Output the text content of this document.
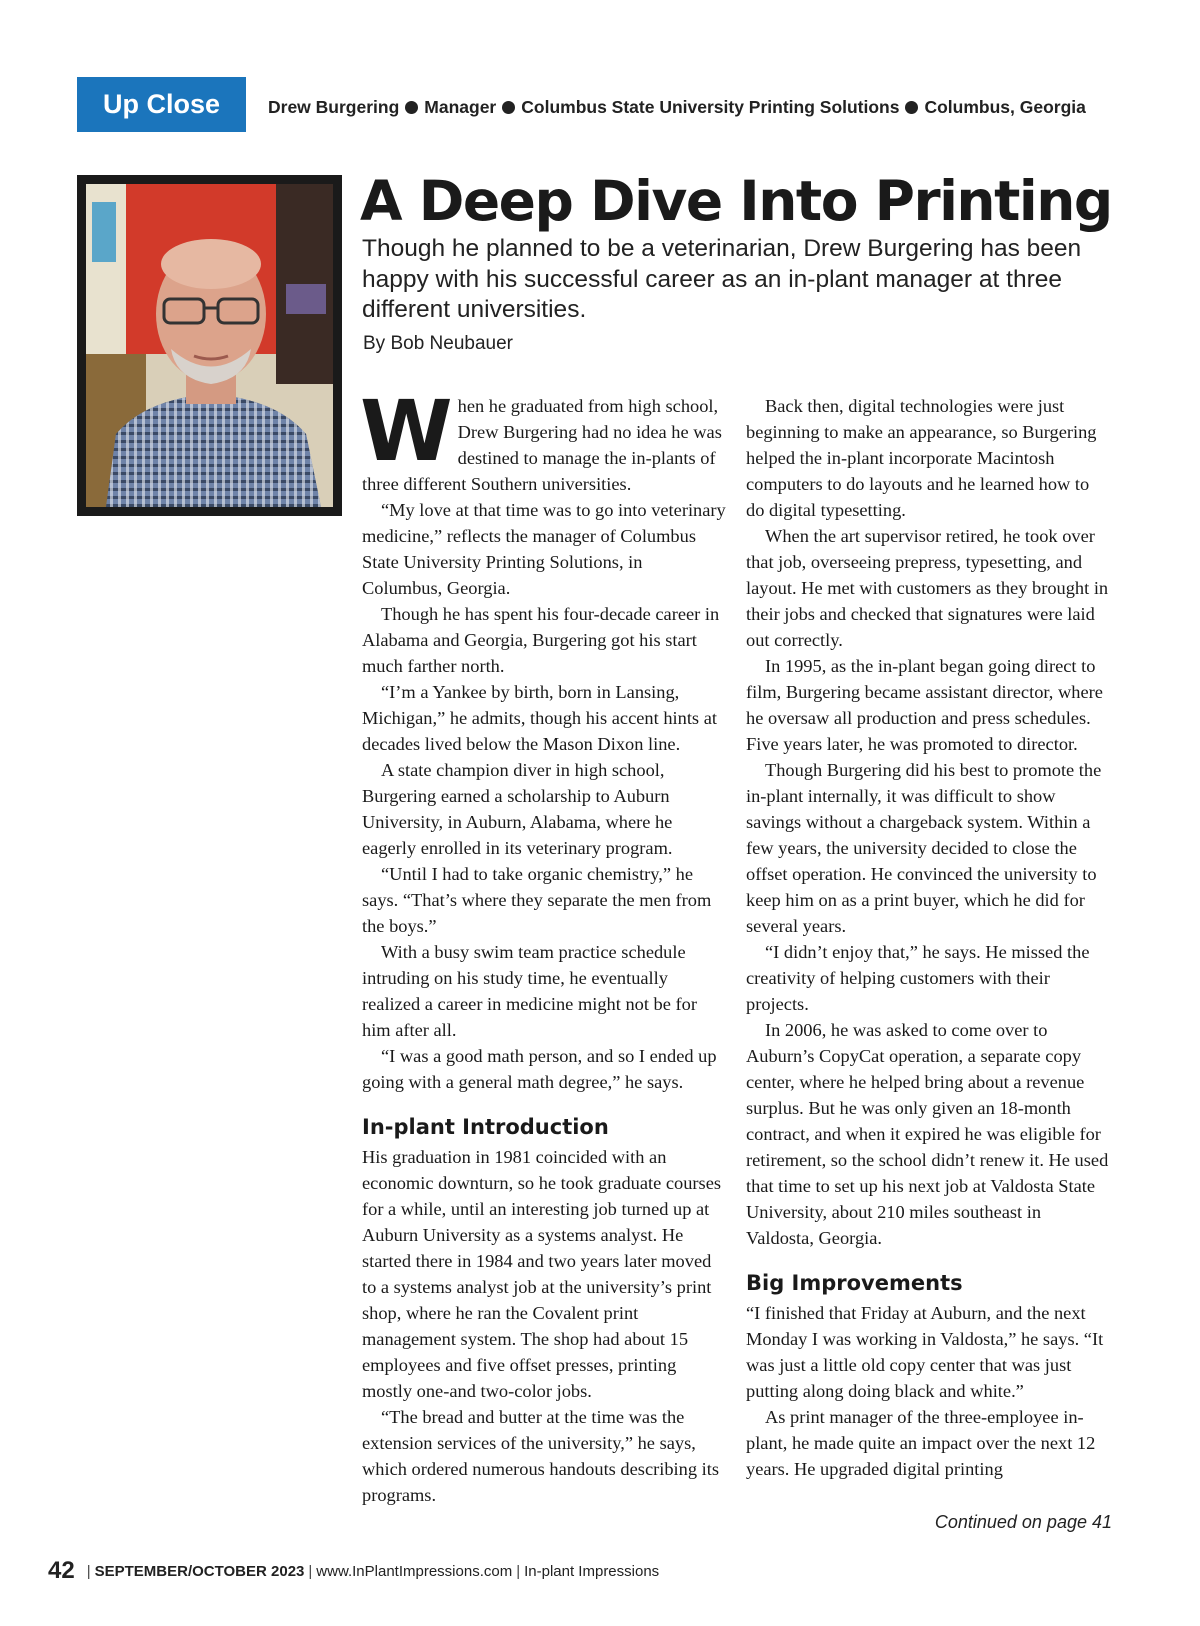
Up Close	Drew Burgering Manager Columbus State University Printing Solutions Columbus, Georgia
A Deep Dive Into Printing
Though he planned to be a veterinarian, Drew Burgering has been happy with his successful career as an in-plant manager at three different universities.
By Bob Neubauer

When he graduated from high school, Drew Burgering had no idea he was destined to manage the in-plants of three different Southern universities.

“My love at that time was to go into veterinary medicine,” reflects the manager of Columbus State University Printing Solutions, in Columbus, Georgia.

Though he has spent his four-decade career in Alabama and Georgia, Burgering got his start much farther north.

“I’m a Yankee by birth, born in Lansing, Michigan,” he admits, though his accent hints at decades lived below the Mason Dixon line.

A state champion diver in high school, Burgering earned a scholarship to Auburn University, in Auburn, Alabama, where he eagerly enrolled in its veterinary program.

“Until I had to take organic chemistry,” he says. “That’s where they separate the men from the boys.”

With a busy swim team practice schedule intruding on his study time, he eventually realized a career in medicine might not be for him after all.

“I was a good math person, and so I ended up going with a general math degree,” he says.

In-plant Introduction

His graduation in 1981 coincided with an economic downturn, so he took graduate courses for a while, until an interesting job turned up at Auburn University as a systems analyst. He started there in 1984 and two years later moved to a systems analyst job at the university’s print shop, where he ran the Covalent print management system. The shop had about 15 employees and five offset presses, printing mostly one-and two-color jobs.

“The bread and butter at the time was the extension services of the university,” he says, which ordered numerous handouts describing its programs.

Back then, digital technologies were just beginning to make an appearance, so Burgering helped the in-plant incorporate Macintosh computers to do layouts and he learned how to do digital typesetting.

When the art supervisor retired, he took over that job, overseeing prepress, typesetting, and layout. He met with customers as they brought in their jobs and checked that signatures were laid out correctly.

In 1995, as the in-plant began going direct to film, Burgering became assistant director, where he oversaw all production and press schedules. Five years later, he was promoted to director.

Though Burgering did his best to promote the in-plant internally, it was difficult to show savings without a chargeback system. Within a few years, the university decided to close the offset operation. He convinced the university to keep him on as a print buyer, which he did for several years.

“I didn’t enjoy that,” he says. He missed the creativity of helping customers with their projects.

In 2006, he was asked to come over to Auburn’s CopyCat operation, a separate copy center, where he helped bring about a revenue surplus. But he was only given an 18-month contract, and when it expired he was eligible for retirement, so the school didn’t renew it. He used that time to set up his next job at Valdosta State University, about 210 miles southeast in Valdosta, Georgia.

Big Improvements

“I finished that Friday at Auburn, and the next Monday I was working in Valdosta,” he says. “It was just a little old copy center that was just putting along doing black and white.”

As print manager of the three-employee in-plant, he made quite an impact over the next 12 years. He upgraded digital printing

Continued on page 41
42 | SEPTEMBER/OCTOBER 2023 | www.InPlantImpressions.com | In-plant Impressions
